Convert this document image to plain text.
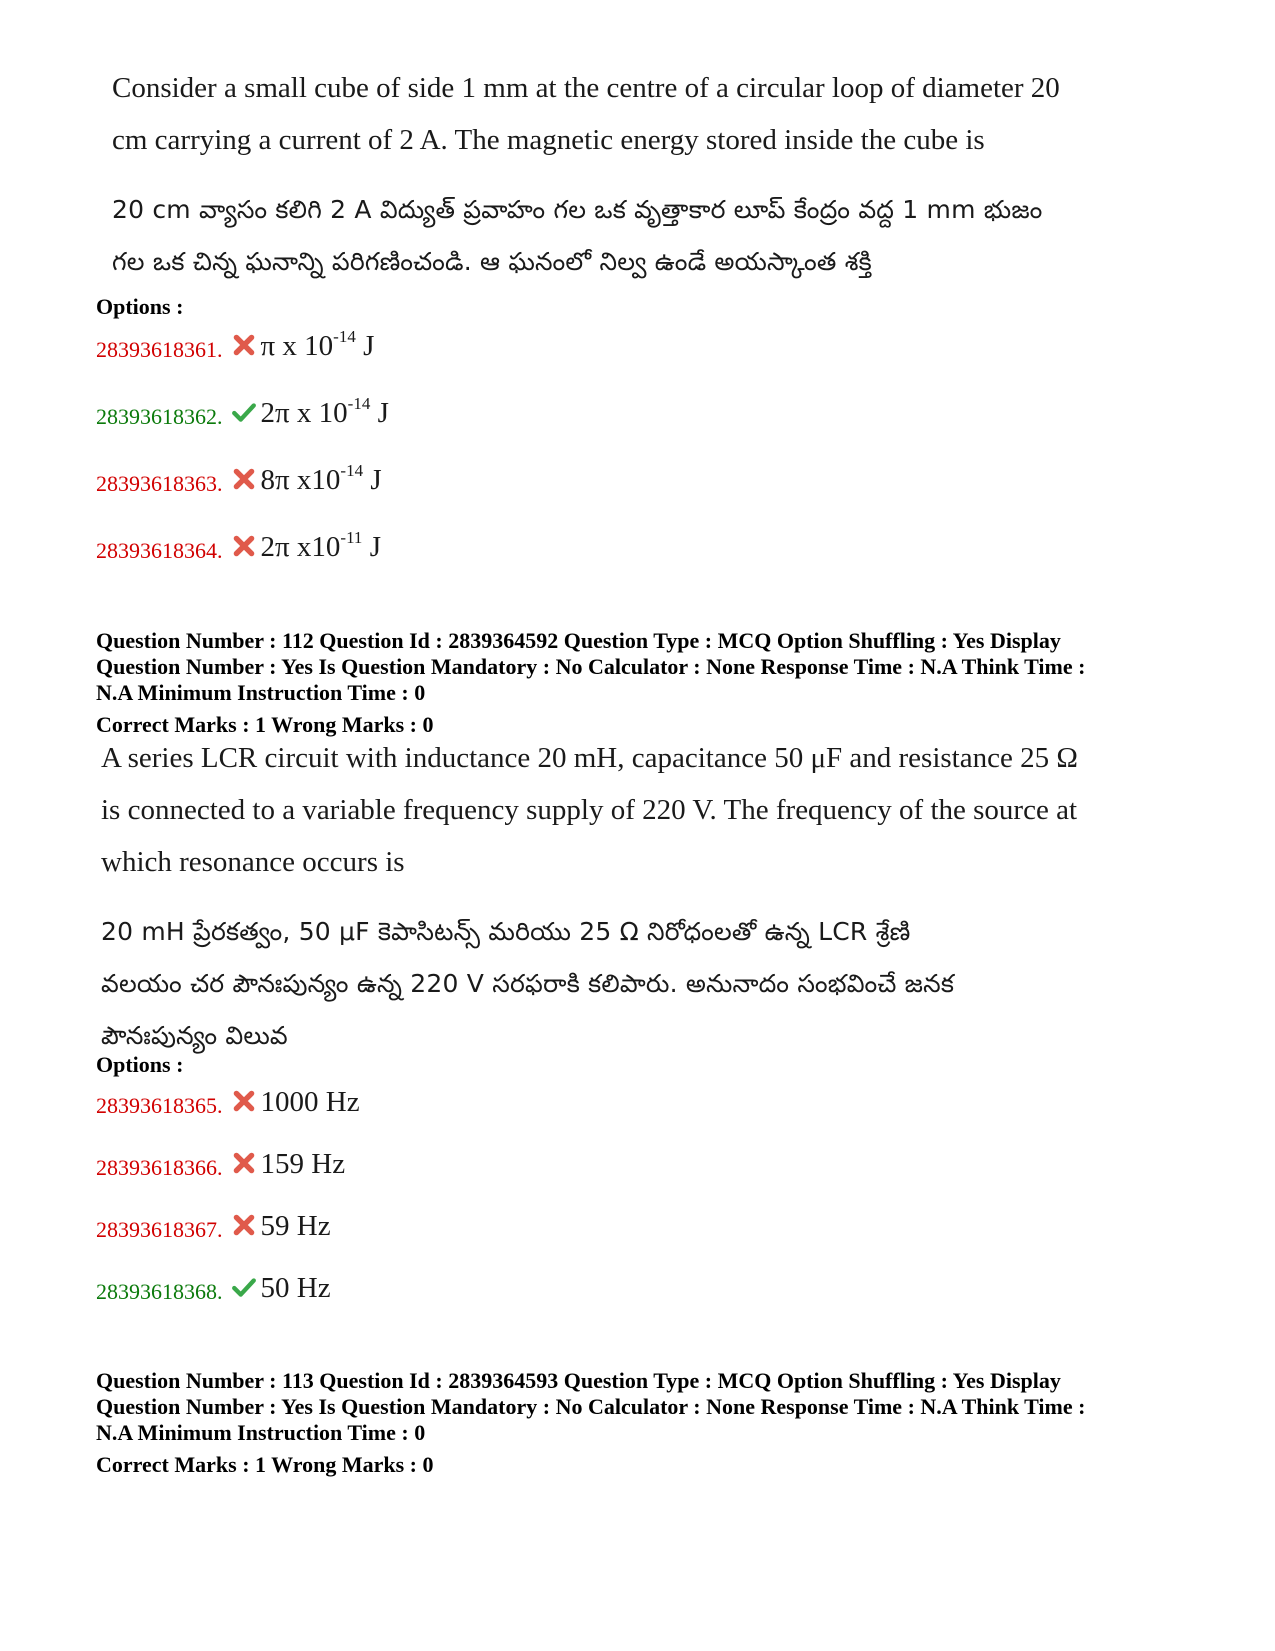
Consider a small cube of side 1 mm at the centre of a circular loop of diameter 20

cm carrying a current of 2 A. The magnetic energy stored inside the cube is

20 cm వ్యాసం కలిగి 2 A విద్యుత్ ప్రవాహం గల ఒక వృత్తాకార లూప్ కేంద్రం వద్ద 1 mm భుజం

గల ఒక చిన్న ఘనాన్ని పరిగణించండి. ఆ ఘనంలో నిల్వ ఉండే అయస్కాంత శక్తి

Options :
28393618361. π x $10^{-14}$ J
28393618362. 2π x $10^{-14}$ J
28393618363. 8π $x10^{-14}$ J
28393618364. 2π $x10^{-11}$ J
Question Number : 112 Question Id : 2839364592 Question Type : MCQ Option Shuffling : Yes Display
Question Number : Yes Is Question Mandatory : No Calculator : None Response Time : N.A Think Time :
N.A Minimum Instruction Time : 0
Correct Marks : 1 Wrong Marks : 0

A series LCR circuit with inductance 20 mH, capacitance 50 μF and resistance 25 Ω

is connected to a variable frequency supply of 220 V. The frequency of the source at

which resonance occurs is

20 mH ప్రేరకత్వం, 50 μF కెపాసిటన్స్ మరియు 25 Ω నిరోధంలతో ఉన్న LCR శ్రేణి

వలయం చర పౌనఃపున్యం ఉన్న 220 V సరఫరాకి కలిపారు. అనునాదం సంభవించే జనక

పౌనఃపున్యం విలువ

Options :
28393618365. 1000 Hz
28393618366. 159 Hz
28393618367. 59 Hz
28393618368. 50 Hz
Question Number : 113 Question Id : 2839364593 Question Type : MCQ Option Shuffling : Yes Display
Question Number : Yes Is Question Mandatory : No Calculator : None Response Time : N.A Think Time :
N.A Minimum Instruction Time : 0
Correct Marks : 1 Wrong Marks : 0
